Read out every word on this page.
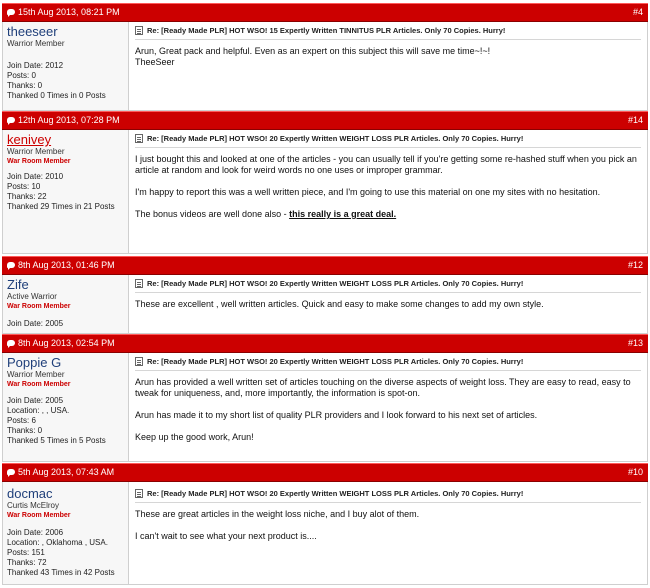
15th Aug 2013, 08:21 PM	#4
theeseer
Warrior Member
Join Date: 2012
Posts: 0
Thanks: 0
Thanked 0 Times in 0 Posts
Re: [Ready Made PLR] HOT WSO! 15 Expertly Written TINNITUS PLR Articles. Only 70 Copies. Hurry!

Arun, Great pack and helpful. Even as an expert on this subject this will save me time~!~!

TheeSeer

12th Aug 2013, 07:28 PM	#14
kenivey
Warrior Member
War Room Member
Join Date: 2010
Posts: 10
Thanks: 22
Thanked 29 Times in 21 Posts
Re: [Ready Made PLR] HOT WSO! 20 Expertly Written WEIGHT LOSS PLR Articles. Only 70 Copies. Hurry!

I just bought this and looked at one of the articles - you can usually tell if you're getting some re-hashed stuff when you pick an article at random and look for weird words no one uses or improper grammar.

I'm happy to report this was a well written piece, and I'm going to use this material on one my sites with no hesitation.

The bonus videos are well done also - this really is a great deal.

8th Aug 2013, 01:46 PM	#12
Zife
Active Warrior
War Room Member
Join Date: 2005
Re: [Ready Made PLR] HOT WSO! 20 Expertly Written WEIGHT LOSS PLR Articles. Only 70 Copies. Hurry!

These are excellent , well written articles. Quick and easy to make some changes to add my own style.

8th Aug 2013, 02:54 PM	#13
Poppie G
Warrior Member
War Room Member
Join Date: 2005
Location: , , USA.
Posts: 6
Thanks: 0
Thanked 5 Times in 5 Posts
Re: [Ready Made PLR] HOT WSO! 20 Expertly Written WEIGHT LOSS PLR Articles. Only 70 Copies. Hurry!

Arun has provided a well written set of articles touching on the diverse aspects of weight loss. They are easy to read, easy to tweak for uniqueness, and, more importantly, the information is spot-on.

Arun has made it to my short list of quality PLR providers and I look forward to his next set of articles.

Keep up the good work, Arun!

5th Aug 2013, 07:43 AM	#10
docmac
Curtis McElroy
War Room Member
Join Date: 2006
Location: , Oklahoma , USA.
Posts: 151
Thanks: 72
Thanked 43 Times in 42 Posts
Re: [Ready Made PLR] HOT WSO! 20 Expertly Written WEIGHT LOSS PLR Articles. Only 70 Copies. Hurry!

These are great articles in the weight loss niche, and I buy alot of them.

I can't wait to see what your next product is....
